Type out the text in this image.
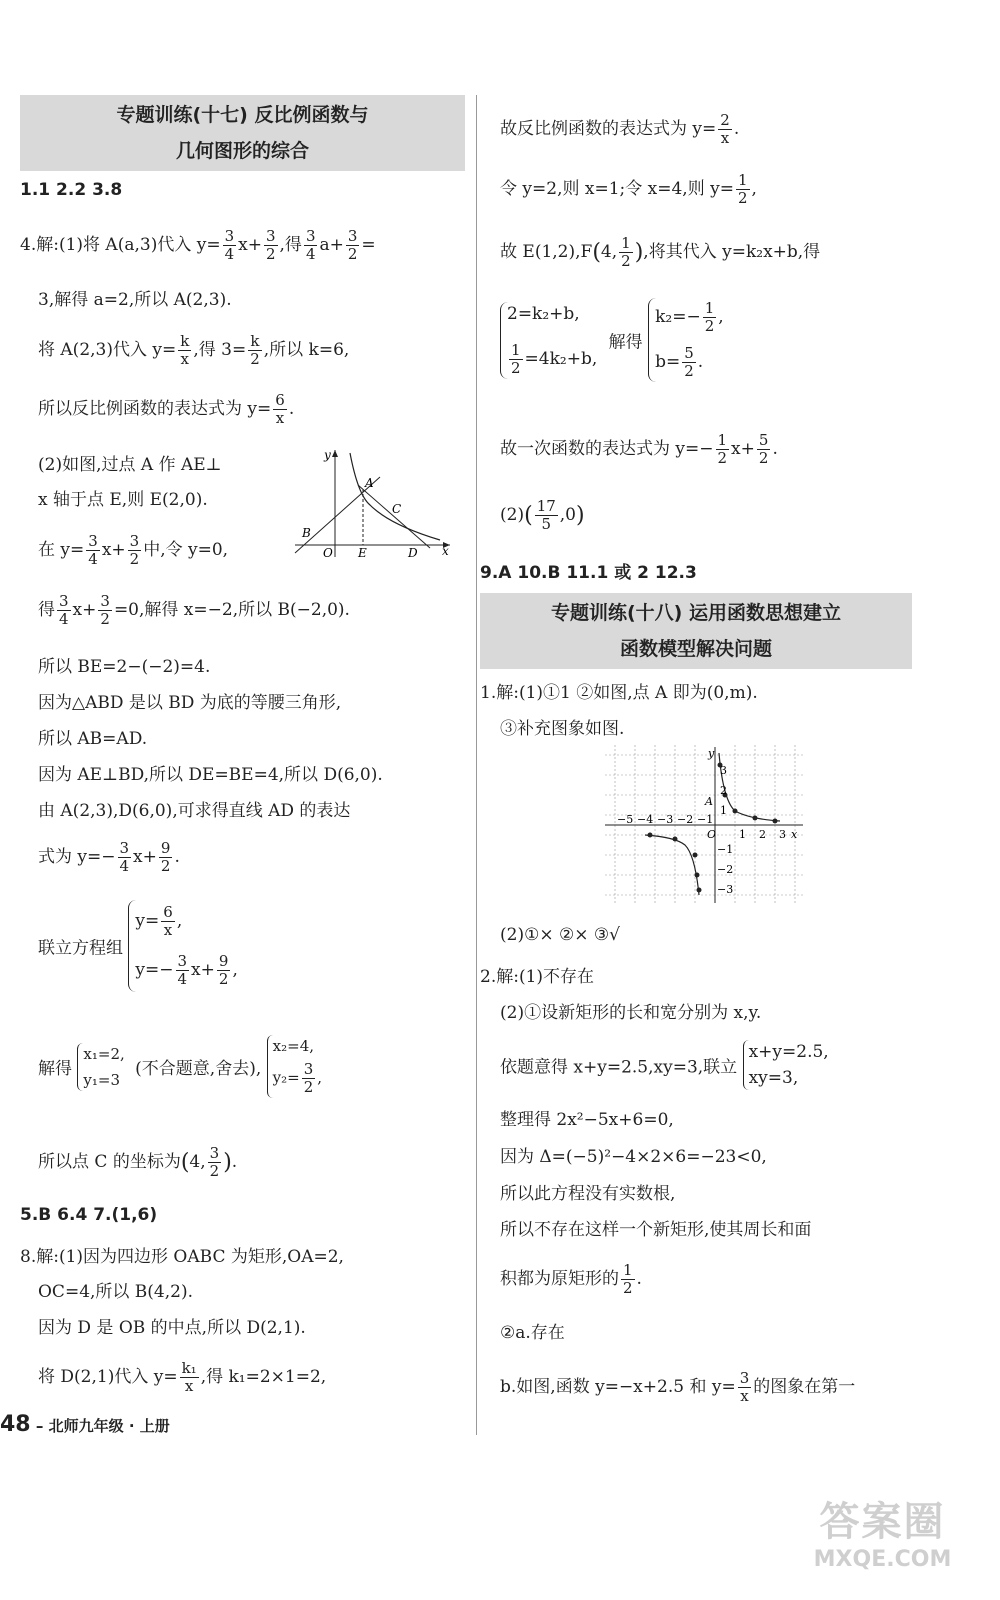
专题训练(十七) 反比例函数与
几何图形的综合
1.1 2.2 3.8
4.解:(1)将 A(a,3)代入 $y= \frac{3}{4} x+ \frac{3}{2}$ ,得 $\frac{3}{4} a+ \frac{3}{2}$ =
3,解得 a=2,所以 A(2,3).
将 A(2,3)代入 $y= \frac{k}{x}$ ,得 $3= \frac{k}{2}$ ,所以 k=6,
所以反比例函数的表达式为 $y= \frac{6}{x}$ .
(2)如图,过点 A 作 AE⊥
x 轴于点 E,则 E(2,0).
B
O E	D
A
C
y
x
在 $y= \frac{3}{4} x+ \frac{3}{2}$ 中,令 y=0,
得 $\frac{3}{4} x+ \frac{3}{2} =0$,解得 x=−2,所以 B(−2,0).
所以 BE=2−(−2)=4.
因为△ABD 是以 BD 为底的等腰三角形,
所以 AB=AD.
因为 AE⊥BD,所以 DE=BE=4,所以 D(6,0).
由 A(2,3),D(6,0),可求得直线 AD 的表达
式为 $y=- \frac{3}{4} x+ \frac{9}{2}$ .
联立方程组
$y= \frac{6}{x}$ ,
$y=- \frac{3}{4} x+ \frac{9}{2}$ ,
解得
x₁=2,
y₁=3
(不合题意,舍去),
x₂=4,
$y_2= \frac{3}{2}$ ,
所以点 C 的坐标为(4, $\frac{3}{2}$ ).
5.B 6.4 7.(1,6)
8.解:(1)因为四边形 OABC 为矩形,OA=2,
OC=4,所以 B(4,2).
因为 D 是 OB 的中点,所以 D(2,1).
将 D(2,1)代入 $y= \frac{\text{k₁}}{x}$ ,得 k₁=2×1=2,
故反比例函数的表达式为 $y= \frac{2}{x}$ .
令 y=2,则 x=1;令 x=4,则 $y= \frac{1}{2}$ ,
故 E(1,2),F(4, $\frac{1}{2}$ ),将其代入 y=k₂x+b,得
2=k₂+b,
$\frac{1}{2} =4k_2+b$,
解得
$k_2=- \frac{1}{2}$ ,
$b= \frac{5}{2}$ .
故一次函数的表达式为 $y=- \frac{1}{2} x+ \frac{5}{2}$ .
$(2)( \frac{17}{5} ,0)$
9.A 10.B 11.1 或 2 12.3
专题训练(十八) 运用函数思想建立
函数模型解决问题
1.解:(1)①1 ②如图,点 A 即为(0,m).
③补充图象如图.
−5 −4 −3 −2 −1
O 1 2 3 x
3
2
1
−1
−2
−3
y
A
(2)①× ②× ③√
2.解:(1)不存在
(2)①设新矩形的长和宽分别为 x,y.
依题意得 x+y=2.5,xy=3,联立
x+y=2.5,
xy=3,
整理得 2x²−5x+6=0,
因为 Δ=(−5)²−4×2×6=−23<0,
所以此方程没有实数根,
所以不存在这样一个新矩形,使其周长和面
积都为原矩形的 $\frac{1}{2}$ .
②a.存在
b.如图,函数 y=−x+2.5 和 $y= \frac{3}{x}$ 的图象在第一
48 – 北师九年级 · 上册
答案圈
MXQE.COM
